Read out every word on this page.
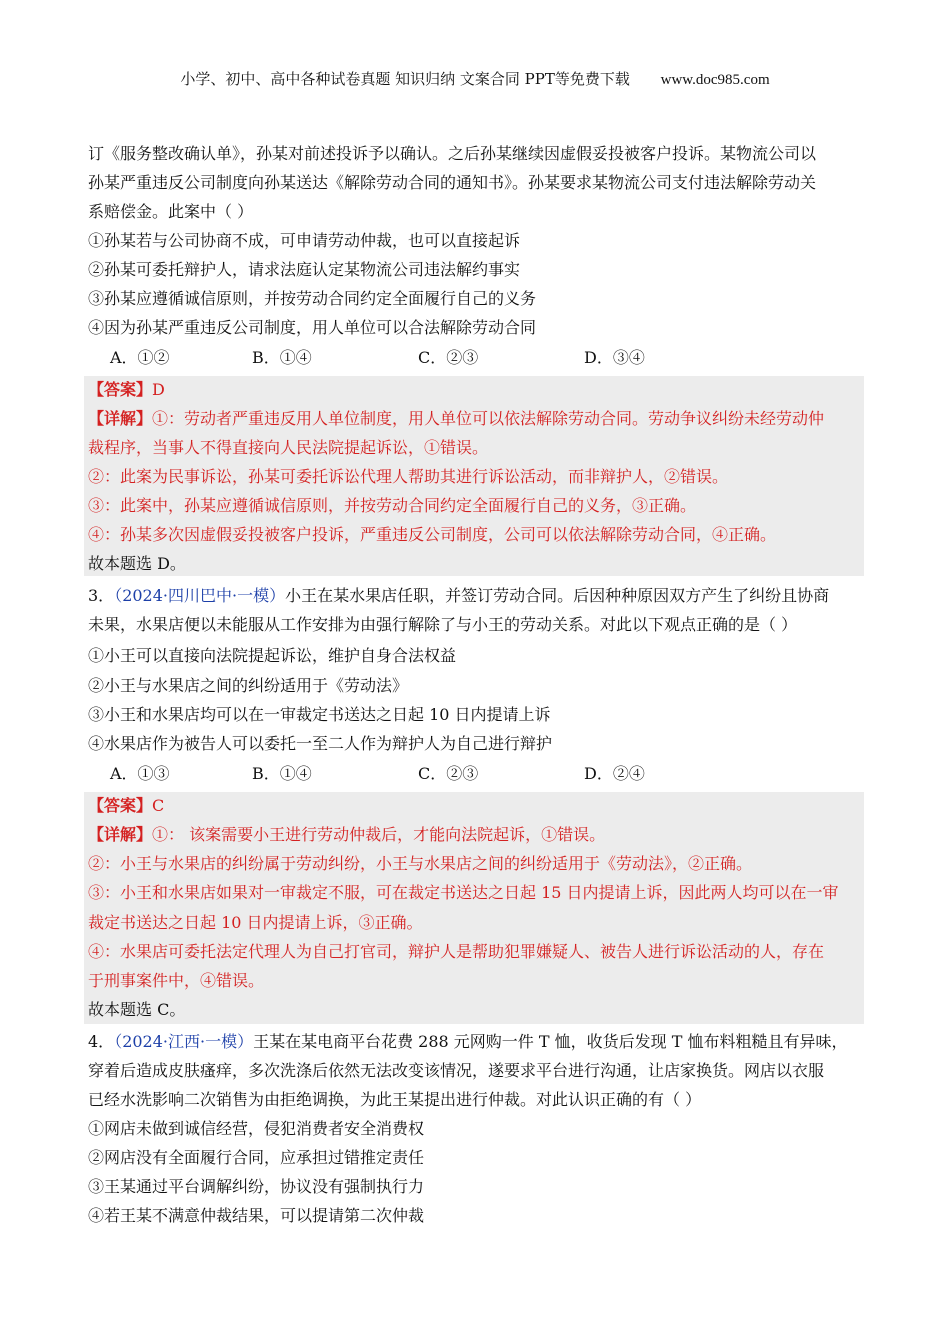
小学、初中、高中各种试卷真题 知识归纳 文案合同 PPT等免费下载 www.doc985.com
订《服务整改确认单》，孙某对前述投诉予以确认。之后孙某继续因虚假妥投被客户投诉。某物流公司以
孙某严重违反公司制度向孙某送达《解除劳动合同的通知书》。孙某要求某物流公司支付违法解除劳动关
系赔偿金。此案中（ ）
①孙某若与公司协商不成，可申请劳动仲裁，也可以直接起诉
②孙某可委托辩护人，请求法庭认定某物流公司违法解约事实
③孙某应遵循诚信原则，并按劳动合同约定全面履行自己的义务
④因为孙某严重违反公司制度，用人单位可以合法解除劳动合同
A．①②	B．①④	C．②③	D．③④
【答案】D
【详解】①：劳动者严重违反用人单位制度，用人单位可以依法解除劳动合同。劳动争议纠纷未经劳动仲
裁程序，当事人不得直接向人民法院提起诉讼，①错误。
②：此案为民事诉讼，孙某可委托诉讼代理人帮助其进行诉讼活动，而非辩护人，②错误。
③：此案中，孙某应遵循诚信原则，并按劳动合同约定全面履行自己的义务，③正确。
④：孙某多次因虚假妥投被客户投诉，严重违反公司制度，公司可以依法解除劳动合同，④正确。
故本题选 D。
3．（2024·四川巴中·一模）小王在某水果店任职，并签订劳动合同。后因种种原因双方产生了纠纷且协商
未果，水果店便以未能服从工作安排为由强行解除了与小王的劳动关系。对此以下观点正确的是（ ）
①小王可以直接向法院提起诉讼，维护自身合法权益
②小王与水果店之间的纠纷适用于《劳动法》
③小王和水果店均可以在一审裁定书送达之日起 10 日内提请上诉
④水果店作为被告人可以委托一至二人作为辩护人为自己进行辩护
A．①③	B．①④	C．②③	D．②④
【答案】C
【详解】①： 该案需要小王进行劳动仲裁后，才能向法院起诉，①错误。
②：小王与水果店的纠纷属于劳动纠纷，小王与水果店之间的纠纷适用于《劳动法》，②正确。
③：小王和水果店如果对一审裁定不服，可在裁定书送达之日起 15 日内提请上诉，因此两人均可以在一审
裁定书送达之日起 10 日内提请上诉，③正确。
④：水果店可委托法定代理人为自己打官司，辩护人是帮助犯罪嫌疑人、被告人进行诉讼活动的人，存在
于刑事案件中，④错误。
故本题选 C。
4．（2024·江西·一模）王某在某电商平台花费 288 元网购一件 T 恤，收货后发现 T 恤布料粗糙且有异味，
穿着后造成皮肤瘙痒，多次洗涤后依然无法改变该情况，遂要求平台进行沟通，让店家换货。网店以衣服
已经水洗影响二次销售为由拒绝调换，为此王某提出进行仲裁。对此认识正确的有（ ）
①网店未做到诚信经营，侵犯消费者安全消费权
②网店没有全面履行合同，应承担过错推定责任
③王某通过平台调解纠纷，协议没有强制执行力
④若王某不满意仲裁结果，可以提请第二次仲裁
